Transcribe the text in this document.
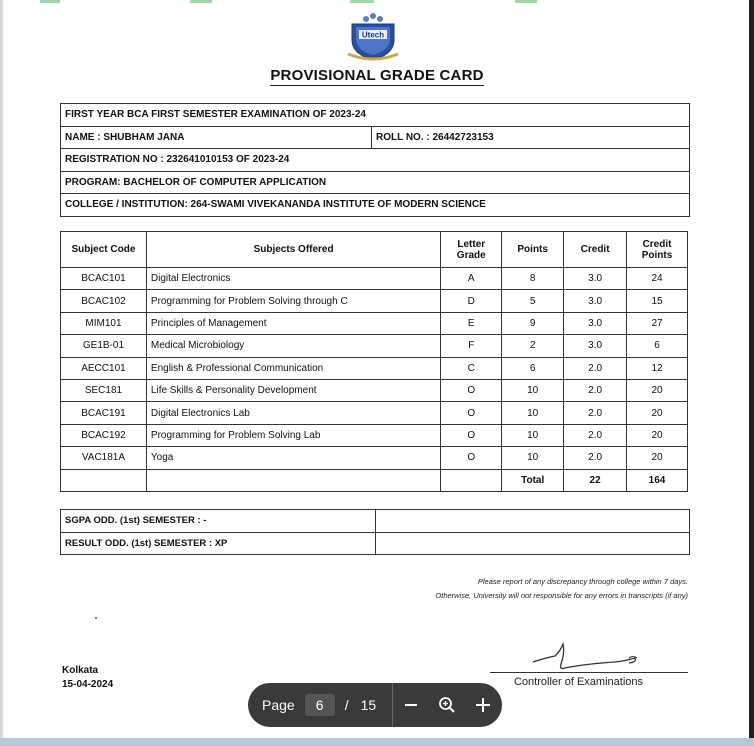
Utech
PROVISIONAL GRADE CARD
FIRST YEAR BCA FIRST SEMESTER EXAMINATION OF 2023-24
NAME : SHUBHAM JANA	ROLL NO. : 26442723153
REGISTRATION NO : 232641010153 OF 2023-24
PROGRAM: BACHELOR OF COMPUTER APPLICATION
COLLEGE / INSTITUTION: 264-SWAMI VIVEKANANDA INSTITUTE OF MODERN SCIENCE
Subject Code	Subjects Offered	Letter Grade	Points	Credit	Credit Points
BCAC101	Digital Electronics	A	8	3.0	24
BCAC102	Programming for Problem Solving through C	D	5	3.0	15
MIM101	Principles of Management	E	9	3.0	27
GE1B-01	Medical Microbiology	F	2	3.0	6
AECC101	English & Professional Communication	C	6	2.0	12
SEC181	Life Skills & Personality Development	O	10	2.0	20
BCAC191	Digital Electronics Lab	O	10	2.0	20
BCAC192	Programming for Problem Solving Lab	O	10	2.0	20
VAC181A	Yoga	O	10	2.0	20
			Total	22	164
SGPA ODD. (1st) SEMESTER : -
RESULT ODD. (1st) SEMESTER : XP
Please report of any discrepancy through college within 7 days.
Otherwise, University will not responsible for any errors in transcripts (if any)
Kolkata
15-04-2024	Controller of Examinations
Page	6	/ 15
